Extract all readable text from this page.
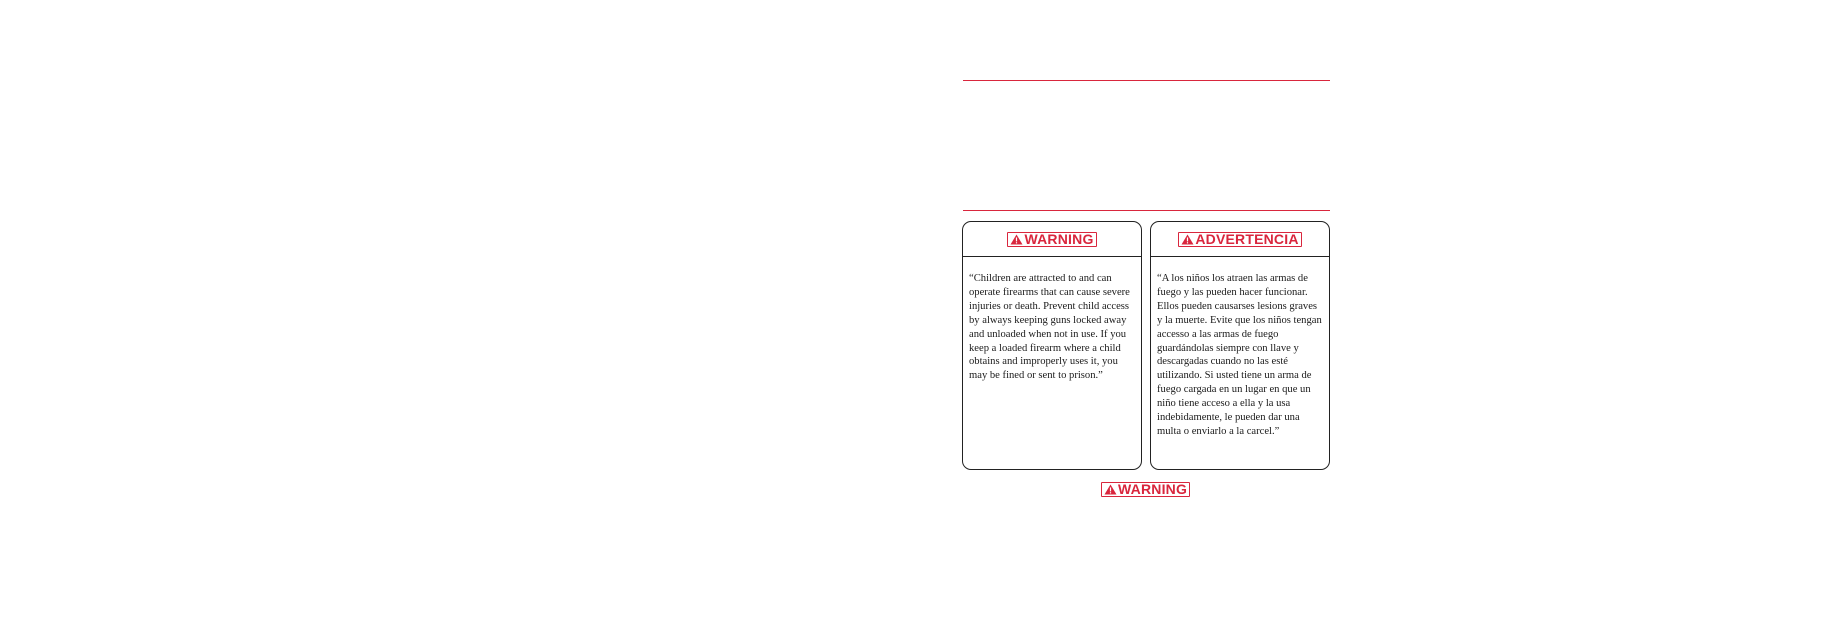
WARNING
“Children are attracted to and can operate firearms that can cause severe injuries or death. Prevent child access by always keeping guns locked away and unloaded when not in use. If you keep a loaded firearm where a child obtains and improperly uses it, you may be fined or sent to prison.”
ADVERTENCIA
“A los niños los atraen las armas de fuego y las pueden hacer funcionar. Ellos pueden causarses lesions graves y la muerte. Evite que los niños tengan accesso a las armas de fuego guardándolas siempre con llave y descargadas cuando no las esté utilizando. Si usted tiene un arma de fuego cargada en un lugar en que un niño tiene acceso a ella y la usa indebidamente, le pueden dar una multa o enviarlo a la carcel.”
WARNING
